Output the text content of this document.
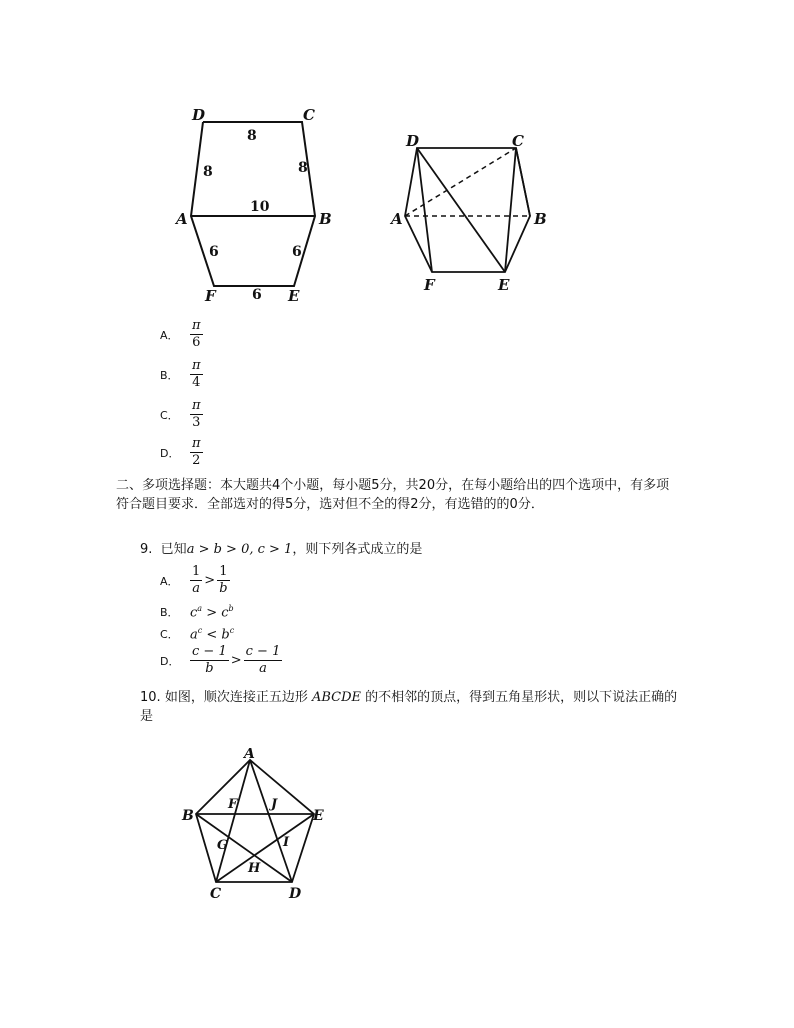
D	C
A	B
F	E
8
8	8
10
6	6
6
D	C
A	B
F	E
A． $\frac{\pi}{6}$
B． $\frac{\pi}{4}$
C． $\frac{\pi}{3}$
D． $\frac{\pi}{2}$
二、多项选择题：本大题共4个小题，每小题5分，共20分，在每小题给出的四个选项中，有多项符合题目要求．全部选对的得5分，选对但不全的得2分，有选错的的0分．
9. 已知a > b > 0, c > 1，则下列各式成立的是
A． $\frac{1}{a} > \frac{1}{b}$
B． $c^a > c^b$
C． $a^c < b^c$
D． $\frac{c - 1}{b} > \frac{c - 1}{a}$
10. 如图，顺次连接正五边形 ABCDE 的不相邻的顶点，得到五角星形状，则以下说法正确的是
A
B	E
C	D
F	J
G	I
H
